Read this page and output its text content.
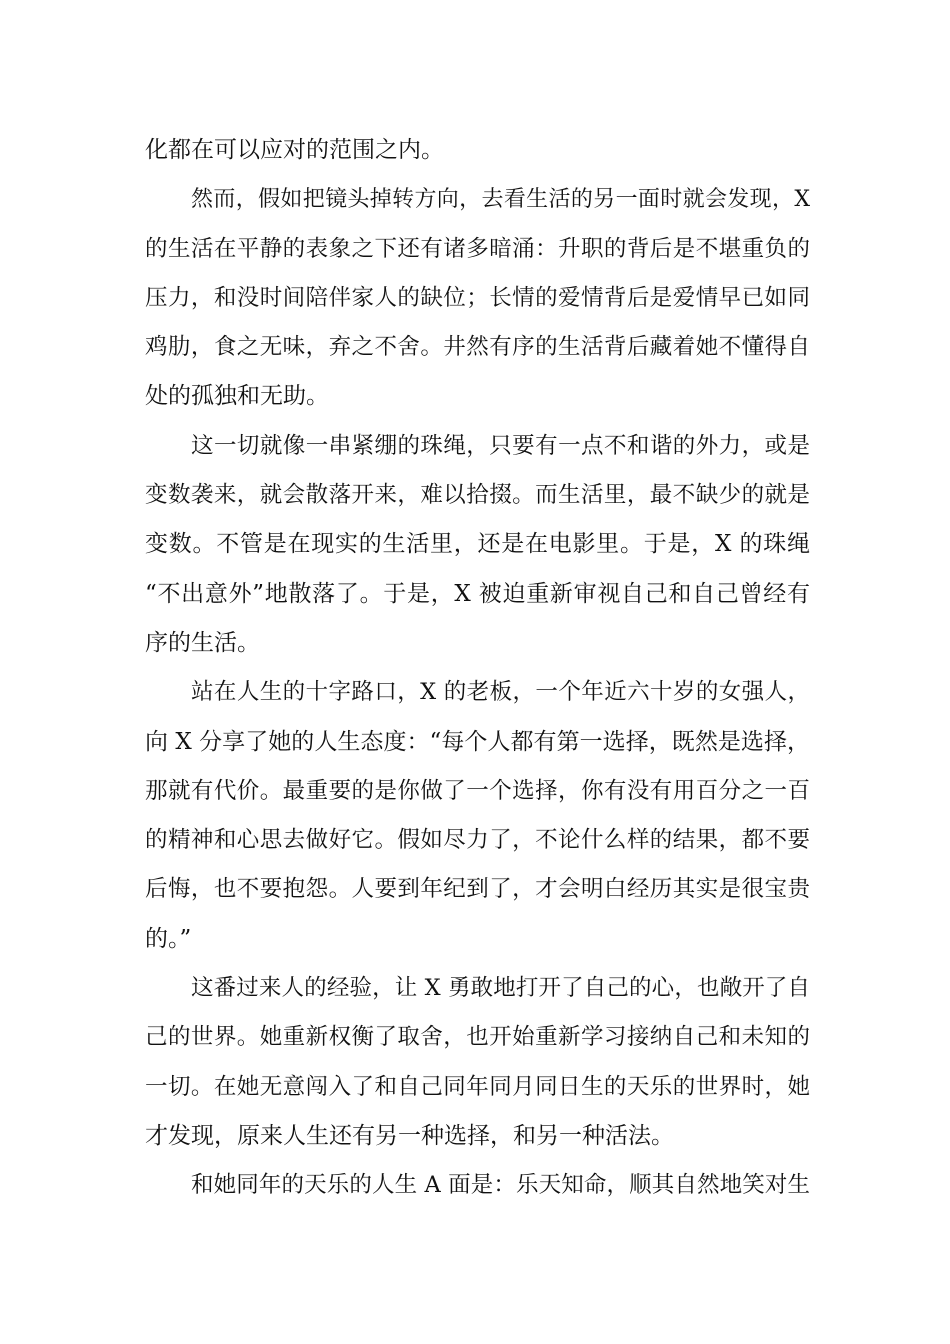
化都在可以应对的范围之内。
然而，假如把镜头掉转方向，去看生活的另一面时就会发现，X
的生活在平静的表象之下还有诸多暗涌：升职的背后是不堪重负的
压力，和没时间陪伴家人的缺位；长情的爱情背后是爱情早已如同
鸡肋，食之无味，弃之不舍。井然有序的生活背后藏着她不懂得自
处的孤独和无助。
这一切就像一串紧绷的珠绳，只要有一点不和谐的外力，或是
变数袭来，就会散落开来，难以拾掇。而生活里，最不缺少的就是
变数。不管是在现实的生活里，还是在电影里。于是，X 的珠绳
“不出意外”地散落了。于是，X 被迫重新审视自己和自己曾经有
序的生活。
站在人生的十字路口，X 的老板，一个年近六十岁的女强人，
向 X 分享了她的人生态度：“每个人都有第一选择，既然是选择，
那就有代价。最重要的是你做了一个选择，你有没有用百分之一百
的精神和心思去做好它。假如尽力了，不论什么样的结果，都不要
后悔，也不要抱怨。人要到年纪到了，才会明白经历其实是很宝贵
的。”
这番过来人的经验，让 X 勇敢地打开了自己的心，也敞开了自
己的世界。她重新权衡了取舍，也开始重新学习接纳自己和未知的
一切。在她无意闯入了和自己同年同月同日生的天乐的世界时，她
才发现，原来人生还有另一种选择，和另一种活法。
和她同年的天乐的人生 A 面是：乐天知命，顺其自然地笑对生
